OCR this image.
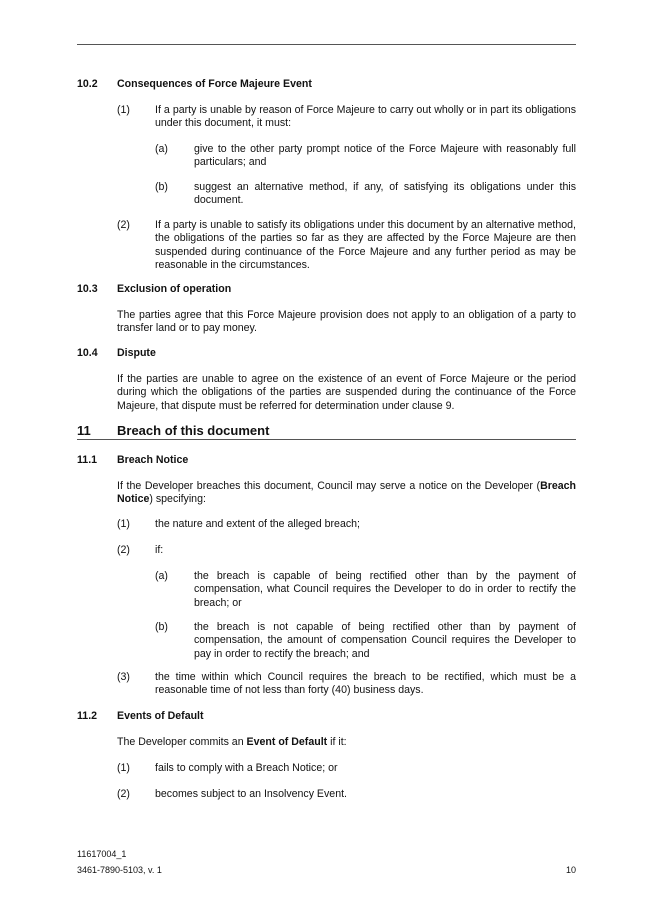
10.2 Consequences of Force Majeure Event
(1) If a party is unable by reason of Force Majeure to carry out wholly or in part its obligations under this document, it must:
(a) give to the other party prompt notice of the Force Majeure with reasonably full particulars; and
(b) suggest an alternative method, if any, of satisfying its obligations under this document.
(2) If a party is unable to satisfy its obligations under this document by an alternative method, the obligations of the parties so far as they are affected by the Force Majeure are then suspended during continuance of the Force Majeure and any further period as may be reasonable in the circumstances.
10.3 Exclusion of operation
The parties agree that this Force Majeure provision does not apply to an obligation of a party to transfer land or to pay money.
10.4 Dispute
If the parties are unable to agree on the existence of an event of Force Majeure or the period during which the obligations of the parties are suspended during the continuance of the Force Majeure, that dispute must be referred for determination under clause 9.
11 Breach of this document
11.1 Breach Notice
If the Developer breaches this document, Council may serve a notice on the Developer (Breach Notice) specifying:
(1) the nature and extent of the alleged breach;
(2) if:
(a) the breach is capable of being rectified other than by the payment of compensation, what Council requires the Developer to do in order to rectify the breach; or
(b) the breach is not capable of being rectified other than by payment of compensation, the amount of compensation Council requires the Developer to pay in order to rectify the breach; and
(3) the time within which Council requires the breach to be rectified, which must be a reasonable time of not less than forty (40) business days.
11.2 Events of Default
The Developer commits an Event of Default if it:
(1) fails to comply with a Breach Notice; or
(2) becomes subject to an Insolvency Event.
11617004_1
3461-7890-5103, v. 1	10
